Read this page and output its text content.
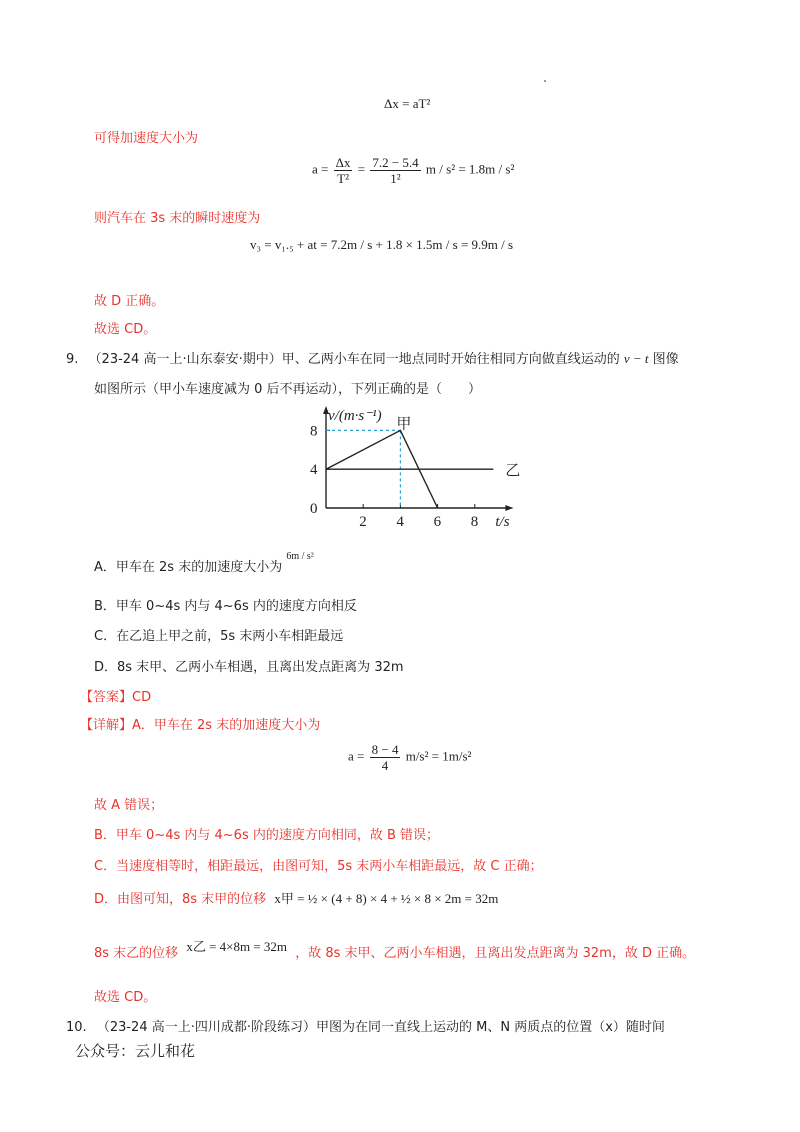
Δx = aT²
可得加速度大小为
$a = \frac{\Delta x}{\text{T²}} = \frac{7.2 - 5.4}{\text{1²}}$ m / s² = 1.8m / s²
则汽车在 3s 末的瞬时速度为
v₃ = v₁.₅ + at = 7.2m / s + 1.8 × 1.5m / s = 9.9m / s
故 D 正确。
故选 CD。
9. （23-24 高一上·山东泰安·期中）甲、乙两小车在同一地点同时开始往相同方向做直线运动的 v − t 图像
如图所示（甲小车速度减为 0 后不再运动），下列正确的是（　　）
0
4
8
2 4 6 8
甲
乙
v/(m·s⁻¹)
t/s
A．甲车在 2s 末的加速度大小为 $^{6m / s^2}$
B．甲车 0~4s 内与 4~6s 内的速度方向相反
C．在乙追上甲之前，5s 末两小车相距最远
D．8s 末甲、乙两小车相遇，且离出发点距离为 32m
【答案】CD
【详解】A．甲车在 2s 末的加速度大小为
$a = \frac{8 - 4}{4} m/s^2 = 1m/s^2$
故 A 错误；
B．甲车 0~4s 内与 4~6s 内的速度方向相同，故 B 错误；
C．当速度相等时，相距最远，由图可知，5s 末两小车相距最远，故 C 正确；
D．由图可知，8s 末甲的位移 x甲 = ½ × (4 + 8) × 4 + ½ × 8 × 2m = 32m
8s 末乙的位移 x乙 = 4×8m = 32m ，故 8s 末甲、乙两小车相遇，且离出发点距离为 32m，故 D 正确。
故选 CD。
10. （23-24 高一上·四川成都·阶段练习）甲图为在同一直线上运动的 M、N 两质点的位置（x）随时间
公众号：云儿和花
